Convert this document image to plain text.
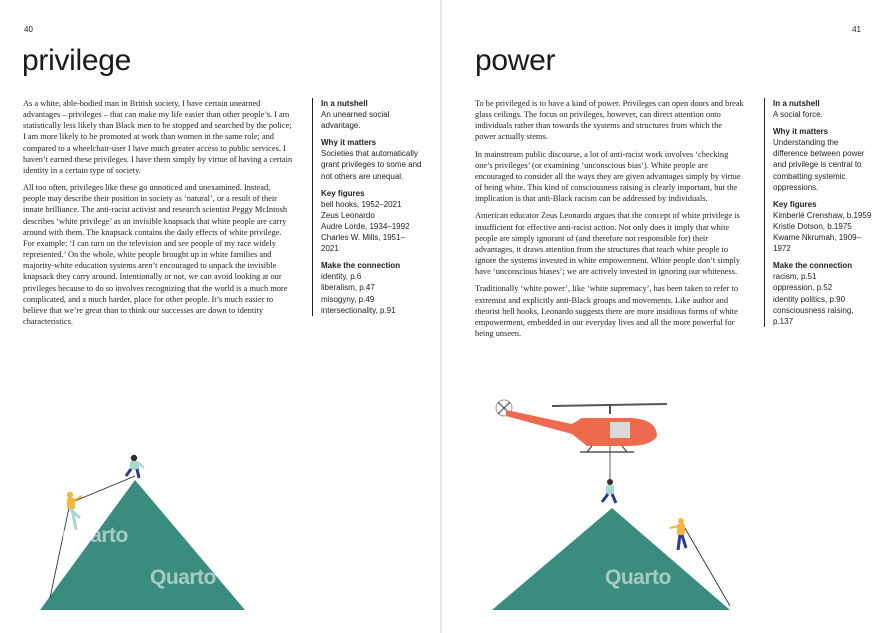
40
privilege

As a white, able-bodied man in British society, I have certain unearned advantages – privileges – that can make my life easier than other people’s. I am statistically less likely than Black men to be stopped and searched by the police; I am more likely to be promoted at work than women in the same role; and compared to a wheelchair-user I have much greater access to public services. I haven’t earned these privileges. I have them simply by virtue of having a certain identity in a certain type of society.

All too often, privileges like these go unnoticed and unexamined. Instead, people may describe their position in society as ‘natural’, or a result of their innate brilliance. The anti-racist activist and research scientist Peggy McIntosh describes ‘white privilege’ as an invisible knapsack that white people are carry around with them. The knapsack contains the daily effects of white privilege. For example: ‘I can turn on the television and see people of my race widely represented.’ On the whole, white people brought up in white families and majority-white education systems aren’t encouraged to unpack the invisible knapsack they carry around. Intentionally or not, we can avoid looking at our privileges because to do so involves recognizing that the world is a much more complicated, and a much harder, place for other people. It’s much easier to believe that we’re great than to think our successes are down to identity characteristics.

In a nutshell
An unearned social advantage.
Why it matters
Societies that automatically grant privileges to some and not others are unequal.
Key figures
bell hooks, 1952–2021
Zeus Leonardo
Audre Lorde, 1934–1992
Charles W. Mills, 1951–2021
Make the connection
identity, p.6
liberalism, p.47
misogyny, p.49
intersectionality, p.91
Quarto
Quarto
Quarto
41
power

To be privileged is to have a kind of power. Privileges can open doors and break glass ceilings. The focus on privileges, however, can direct attention onto individuals rather than towards the systems and structures from which the power actually stems.

In mainstream public discourse, a lot of anti-racist work involves ‘checking one’s privileges’ (or examining ‘unconscious bias’). White people are encouraged to consider all the ways they are given advantages simply by virtue of being white. This kind of consciousness raising is clearly important, but the implication is that anti-Black racism can be addressed by individuals.

American educator Zeus Leonardo argues that the concept of white privilege is insufficient for effective anti-racist action. Not only does it imply that white people are simply ignorant of (and therefore not responsible for) their advantages, it draws attention from the structures that teach white people to ignore the systems invested in white empowerment. White people don’t simply have ‘unconscious biases’; we are actively invested in ignoring our whiteness.

Traditionally ‘white power’, like ‘white supremacy’, has been taken to refer to extremist and explicitly anti-Black groups and movements. Like author and theorist bell hooks, Leonardo suggests there are more insidious forms of white empowerment, embedded in our everyday lives and all the more powerful for being unseen.

In a nutshell
A social force.
Why it matters
Understanding the difference between power and privilege is central to combatting systemic oppressions.
Key figures
Kimberlé Crenshaw, b.1959
Kristie Dotson, b.1975
Kwame Nkrumah, 1909–1972
Make the connection
racism, p.51
oppression, p.52
identity politics, p.90
consciousness raising, p.137
Quarto
